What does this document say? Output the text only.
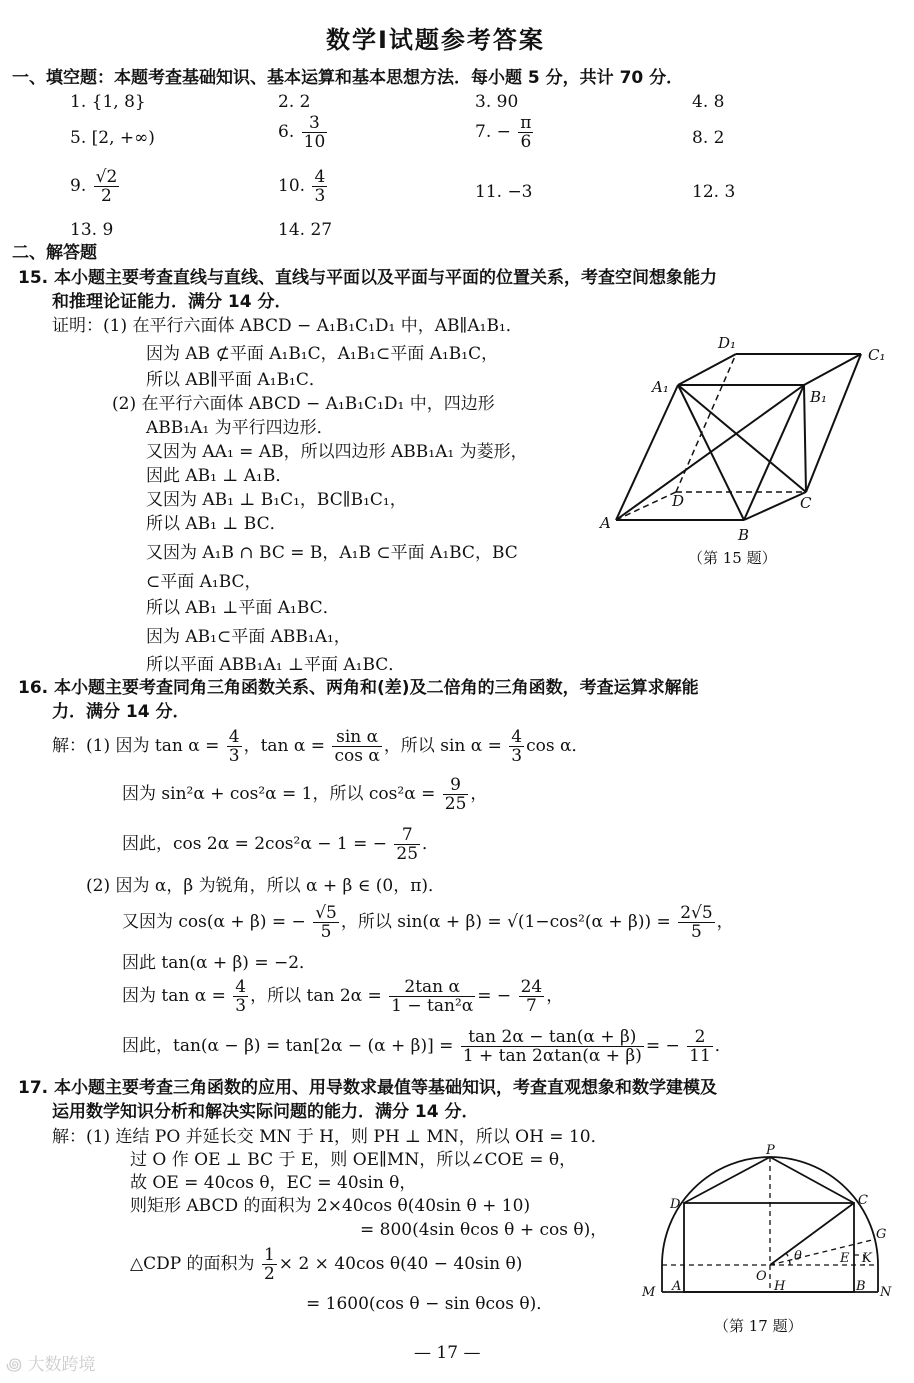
数学Ⅰ试题参考答案
一、填空题：本题考查基础知识、基本运算和基本思想方法．每小题 5 分，共计 70 分．
1. {1, 8}	2. 2	3. 90	4. 8
5. [2, +∞)	6. $\frac{3}{10}$	7. − $\frac{\pi}{6}$	8. 2
9. $\frac{√2}{2}$	10. $\frac{4}{3}$	11. −3	12. 3
13. 9	14. 27
二、解答题
15. 本小题主要考查直线与直线、直线与平面以及平面与平面的位置关系，考查空间想象能力
和推理论证能力．满分 14 分．
证明：(1) 在平行六面体 ABCD − A₁B₁C₁D₁ 中，AB∥A₁B₁．
因为 AB ⊄平面 A₁B₁C，A₁B₁⊂平面 A₁B₁C，
所以 AB∥平面 A₁B₁C．
(2) 在平行六面体 ABCD − A₁B₁C₁D₁ 中，四边形
ABB₁A₁ 为平行四边形．
又因为 AA₁ = AB，所以四边形 ABB₁A₁ 为菱形，
因此 AB₁ ⊥ A₁B．
又因为 AB₁ ⊥ B₁C₁，BC∥B₁C₁，
所以 AB₁ ⊥ BC．
又因为 A₁B ∩ BC = B，A₁B ⊂平面 A₁BC，BC
⊂平面 A₁BC，
所以 AB₁ ⊥平面 A₁BC．
因为 AB₁⊂平面 ABB₁A₁，
所以平面 ABB₁A₁ ⊥平面 A₁BC．
A
B
C
D
A₁
B₁
C₁
D₁
（第 15 题）
16. 本小题主要考查同角三角函数关系、两角和(差)及二倍角的三角函数，考查运算求解能
力．满分 14 分．
解：(1) 因为 $\tan \alpha = \frac{4}{3}$ ，$\tan \alpha = \frac{\text{sin α}}{\text{cos α}}$ ，所以 $\sin \alpha = \frac{4}{3}$ cos α．
因为 sin²α + cos²α = 1，所以 $\cos^2\alpha = \frac{9}{25}$ ，
因此，cos 2α = 2cos²α − 1 = − $\frac{7}{25}$ ．
(2) 因为 α，β 为锐角，所以 α + β ∈ (0，π)．
又因为 cos(α + β) = − $\frac{√5}{5}$ ，所以 $\sin(\alpha + \beta) = √(1-\cos^2(\alpha + \beta)) = \frac{2√5}{5}$ ，
因此 tan(α + β) = −2．
因为 $\tan \alpha = \frac{4}{3}$ ，所以 $\tan 2\alpha = \frac{\text{2tan α}}{\text{1 − tan²α}}$ = − $\frac{24}{7}$ ，
因此，$\tan(\alpha - \beta) = \tan[2\alpha - (\alpha + \beta)] = \frac{\tan 2\alpha - \tan(\alpha + \beta)}{1 + \tan 2\alpha\tan(\alpha + \beta)}$ = − $\frac{2}{11}$ ．
17. 本小题主要考查三角函数的应用、用导数求最值等基础知识，考查直观想象和数学建模及
运用数学知识分析和解决实际问题的能力．满分 14 分．
解：(1) 连结 PO 并延长交 MN 于 H，则 PH ⊥ MN，所以 OH = 10．
过 O 作 OE ⊥ BC 于 E，则 OE∥MN，所以∠COE = θ，
故 OE = 40cos θ，EC = 40sin θ，
则矩形 ABCD 的面积为 2×40cos θ(40sin θ + 10)
= 800(4sin θcos θ + cos θ)，
△CDP 的面积为 $\frac{1}{2} \times 2 \times 40\cos$ θ(40 − 40sin θ)
= 1600(cos θ − sin θcos θ)．
P
D	C
G
θ	E K
O
H
M A	B N
（第 17 题）
— 17 —
꩜ 大数跨境
